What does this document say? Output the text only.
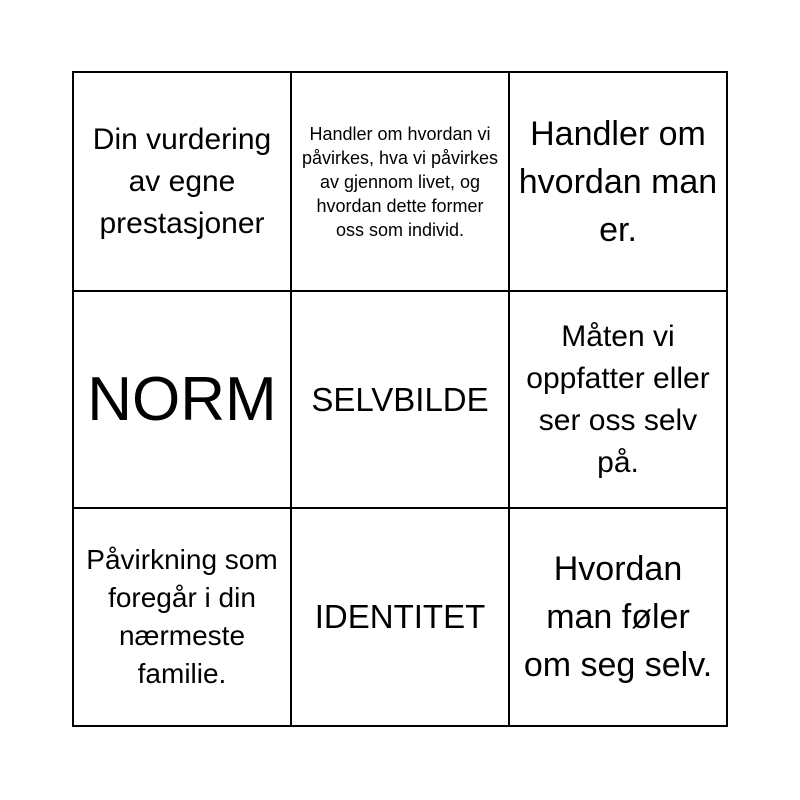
Din vurdering av egne prestasjoner
Handler om hvordan vi påvirkes, hva vi påvirkes av gjennom livet, og hvordan dette former oss som individ.
Handler om hvordan man er.
NORM	SELVBILDE
Måten vi oppfatter eller ser oss selv på.
Påvirkning som foregår i din nærmeste familie.
IDENTITET
Hvordan man føler om seg selv.
